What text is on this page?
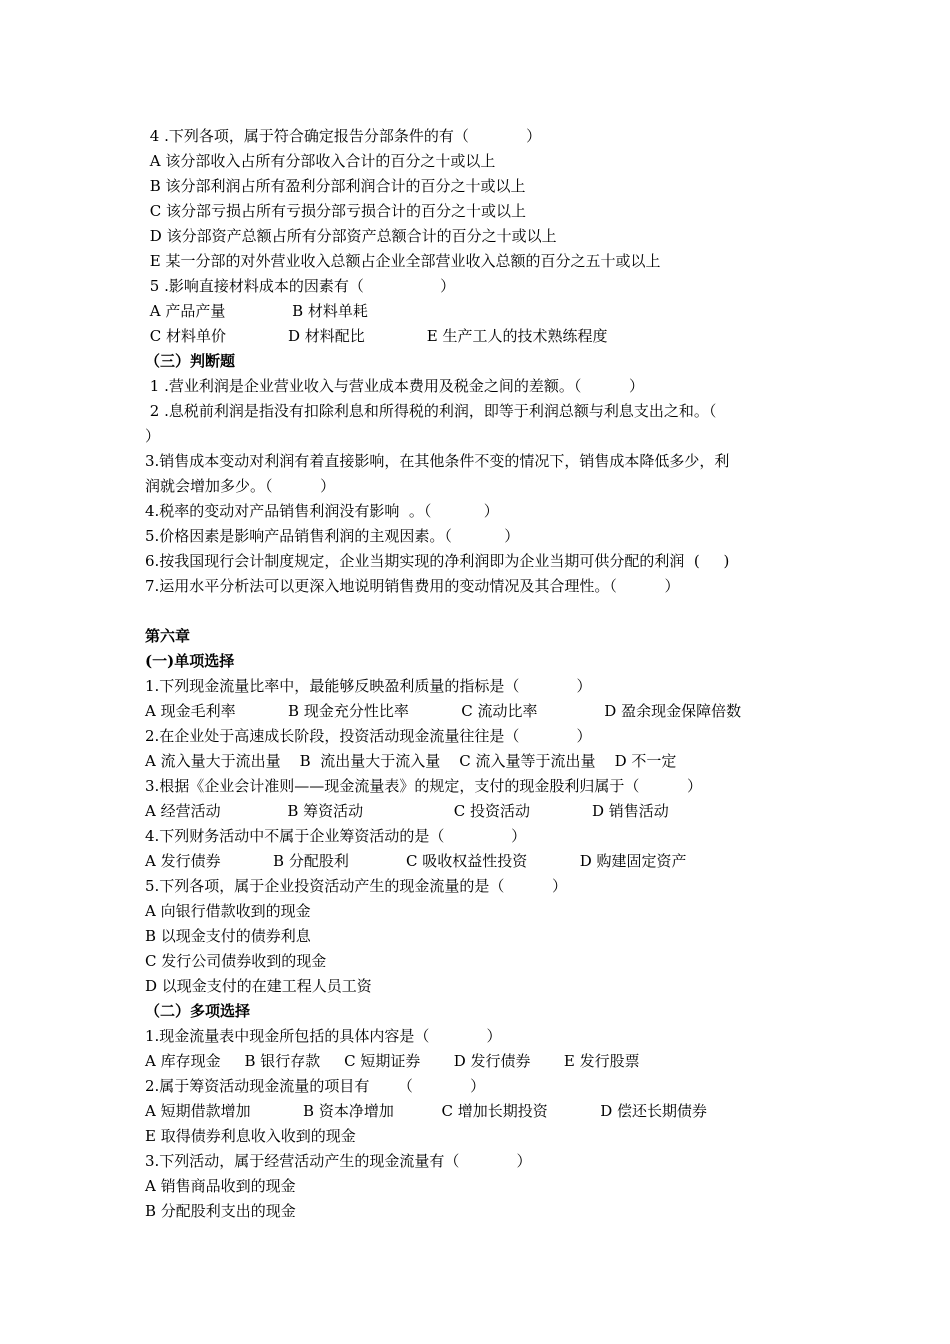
4 .下列各项，属于符合确定报告分部条件的有（            ）
A 该分部收入占所有分部收入合计的百分之十或以上
B 该分部利润占所有盈利分部利润合计的百分之十或以上
C 该分部亏损占所有亏损分部亏损合计的百分之十或以上
D 该分部资产总额占所有分部资产总额合计的百分之十或以上
E 某一分部的对外营业收入总额占企业全部营业收入总额的百分之五十或以上
5 .影响直接材料成本的因素有（                ）
A 产品产量              B 材料单耗
C 材料单价             D 材料配比             E 生产工人的技术熟练程度
（三）判断题
1 .营业利润是企业营业收入与营业成本费用及税金之间的差额。（          ）
2 .息税前利润是指没有扣除利息和所得税的利润，即等于利润总额与利息支出之和。（
）
3.销售成本变动对利润有着直接影响，在其他条件不变的情况下，销售成本降低多少，利
润就会增加多少。（          ）
4.税率的变动对产品销售利润没有影响  。（           ）
5.价格因素是影响产品销售利润的主观因素。（           ）
6.按我国现行会计制度规定，企业当期实现的净利润即为企业当期可供分配的利润  (     )
7.运用水平分析法可以更深入地说明销售费用的变动情况及其合理性。（          ）
第六章
(一)单项选择
1.下列现金流量比率中，最能够反映盈利质量的指标是（            ）
A 现金毛利率           B 现金充分性比率           C 流动比率              D 盈余现金保障倍数
2.在企业处于高速成长阶段，投资活动现金流量往往是（            ）
A 流入量大于流出量    B  流出量大于流入量    C 流入量等于流出量    D 不一定
3.根据《企业会计准则——现金流量表》的规定，支付的现金股利归属于（          ）
A 经营活动              B 筹资活动                   C 投资活动             D 销售活动
4.下列财务活动中不属于企业筹资活动的是（              ）
A 发行债券           B 分配股利            C 吸收权益性投资           D 购建固定资产
5.下列各项，属于企业投资活动产生的现金流量的是（          ）
A 向银行借款收到的现金
B 以现金支付的债券利息
C 发行公司债券收到的现金
D 以现金支付的在建工程人员工资
（二）多项选择
1.现金流量表中现金所包括的具体内容是（            ）
A 库存现金     B 银行存款     C 短期证券       D 发行债券       E 发行股票
2.属于筹资活动现金流量的项目有      （            ）
A 短期借款增加           B 资本净增加          C 增加长期投资           D 偿还长期债券
E 取得债券利息收入收到的现金
3.下列活动，属于经营活动产生的现金流量有（            ）
A 销售商品收到的现金
B 分配股利支出的现金
